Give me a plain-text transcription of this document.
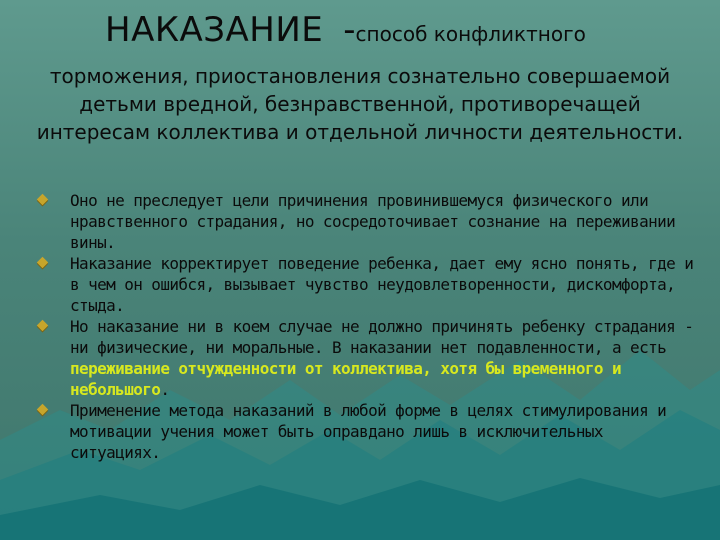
НАКАЗАНИЕ -способ конфликтного
торможения, приостановления сознательно совершаемой детьми вредной, безнравственной, противоречащей интересам коллектива и отдельной личности деятельности.
Оно не преследует цели причинения провинившемуся физического или нравственного страдания, но сосредоточивает сознание на переживании вины.
Наказание корректирует поведение ребенка, дает ему ясно понять, где и в чем он ошибся, вызывает чувство неудовлетворенности, дискомфорта, стыда.
Но наказание ни в коем случае не должно причинять ребенку страдания - ни физические, ни моральные. В наказании нет подавленности, а есть переживание отчужденности от коллектива, хотя бы временного и небольшого.
Применение метода наказаний в любой форме в целях стимулирования и мотивации учения может быть оправдано лишь в исключительных ситуациях.
